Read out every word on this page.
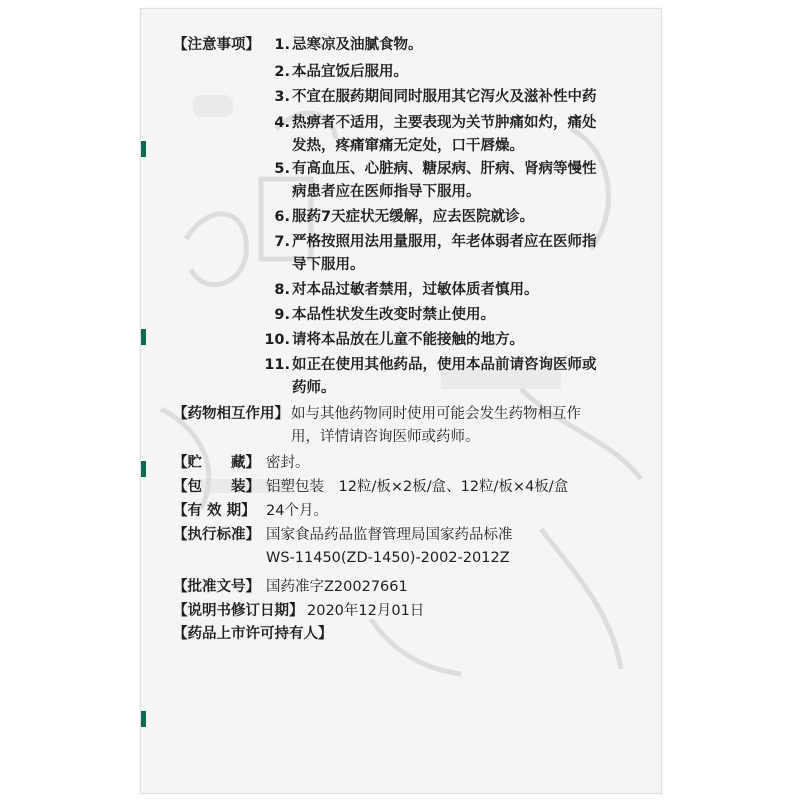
【注意事项】 1. 忌寒凉及油腻食物。
2. 本品宜饭后服用。
3. 不宜在服药期间同时服用其它泻火及滋补性中药
4. 热痹者不适用，主要表现为关节肿痛如灼，痛处
发热，疼痛窜痛无定处，口干唇燥。
5. 有高血压、心脏病、糖尿病、肝病、肾病等慢性
病患者应在医师指导下服用。
6. 服药7天症状无缓解，应去医院就诊。
7. 严格按照用法用量服用，年老体弱者应在医师指
导下服用。
8. 对本品过敏者禁用，过敏体质者慎用。
9. 本品性状发生改变时禁止使用。
10. 请将本品放在儿童不能接触的地方。
11. 如正在使用其他药品，使用本品前请咨询医师或
药师。
【药物相互作用】 如与其他药物同时使用可能会发生药物相互作
用，详情请咨询医师或药师。
【贮　　藏】 密封。
【包　　装】 铝塑包装　12粒/板×2板/盒、12粒/板×4板/盒
【有 效 期】 24个月。
【执行标准】 国家食品药品监督管理局国家药品标准
WS-11450(ZD-1450)-2002-2012Z
【批准文号】 国药准字Z20027661
【说明书修订日期】 2020年12月01日
【药品上市许可持有人】
